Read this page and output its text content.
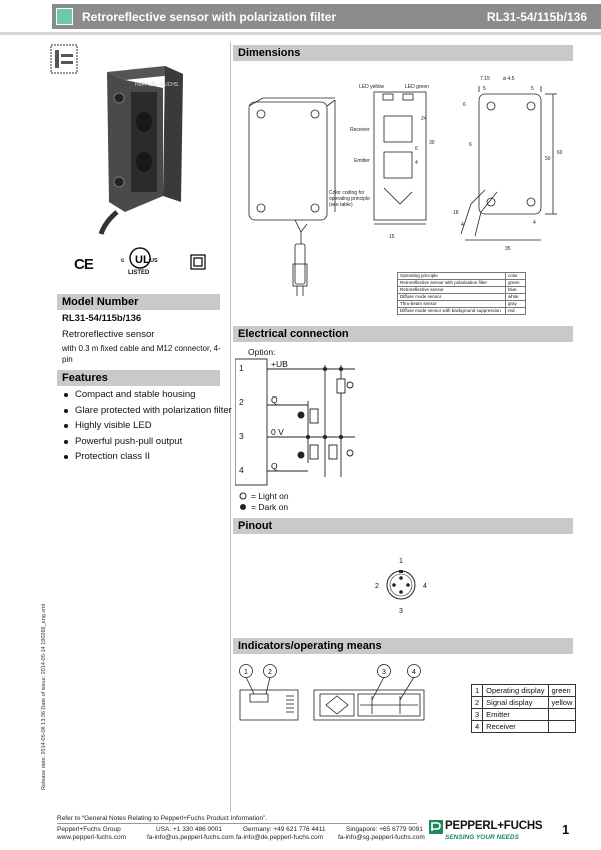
Retroreflective sensor with polarization filter	RL31-54/115b/136
PEPPERL+FUCHS
CE	UL
c	US
LISTED
Model Number
RL31-54/115b/136
Retroreflective sensor
with 0.3 m fixed cable and M12 connector, 4-pin
Features
Compact and stable housing
Glare protected with polarization filter
Highly visible LED
Powerful push-pull output
Protection class II
Dimensions
LED yellow	LED green
Receiver
Emitter
Color coding for
operating principle
(see table)
7.15	ø 4.5
5	5
6
24
30
15
6
4
50
60
6
18
4
35
4
Operating principle	color
Retroreflective sensor with polarisation filter	green
Retroreflective sensor	blue
Diffuse mode sensor	white
Thru-beam sensor	gray
Diffuse mode sensor with background suppression	red
Electrical connection
Option:
1
2
3
4
+UB
Q̅
0 V
Q
= Light on
= Dark on
Pinout
1
2
3
4
Indicators/operating means
1	2	3	4
1	Operating display	green
2	Signal display	yellow
3	Emitter	
4	Receiver	
Release date: 2014-05-08 13:36 Date of issue: 2014-05-14 190266_eng.xml
Refer to “General Notes Relating to Pepperl+Fuchs Product Information”.
Pepperl+Fuchs Group
www.pepperl-fuchs.com
USA: +1 330 486 0001
fa-info@us.pepperl-fuchs.com
Germany: +49 621 776 4411
fa-info@de.pepperl-fuchs.com
Singapore: +65 6779 9091
fa-info@sg.pepperl-fuchs.com
PEPPERL+FUCHS
SENSING YOUR NEEDS
1
